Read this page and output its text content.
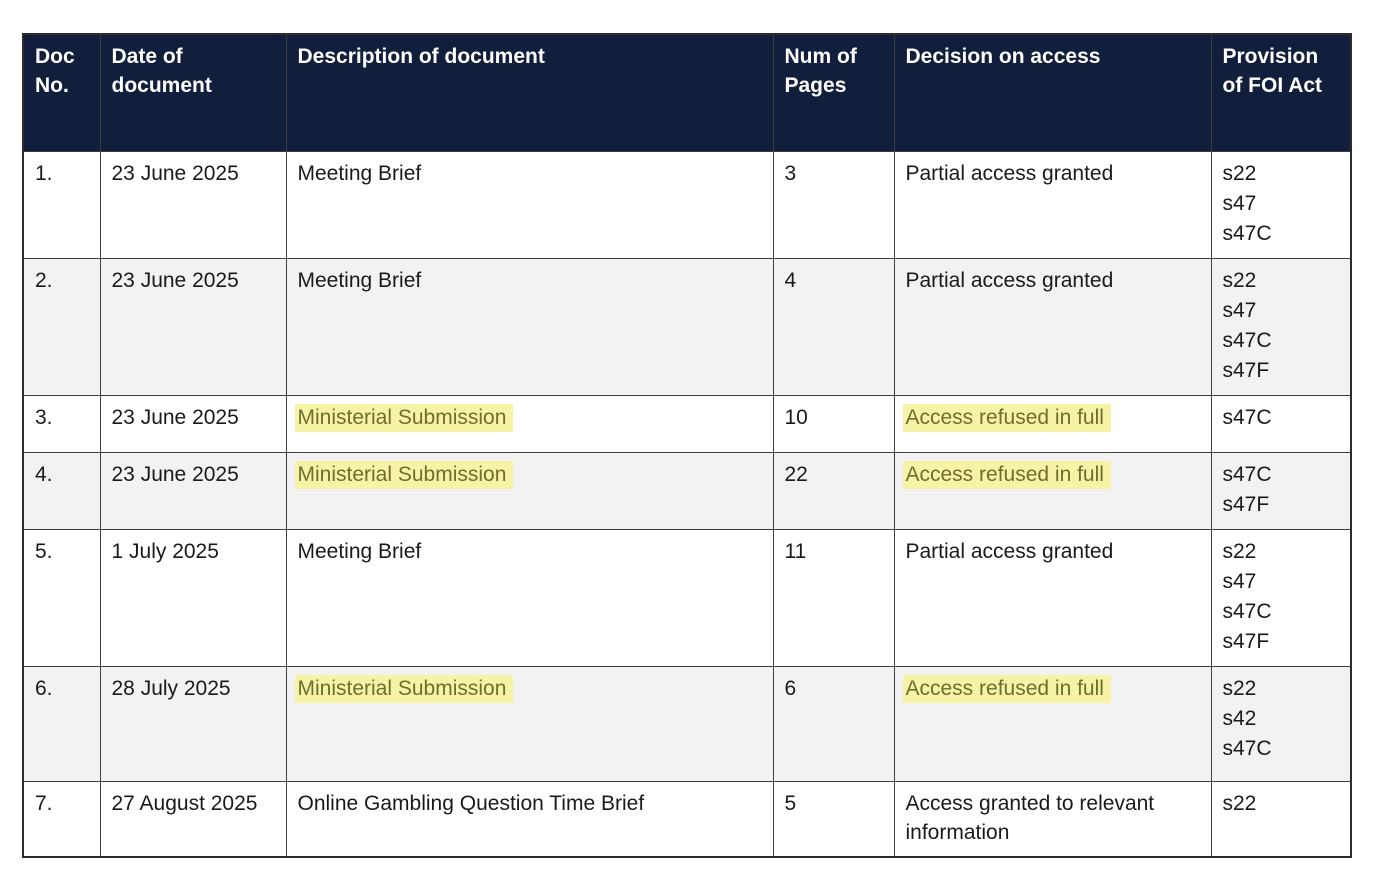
Doc No.	Date of document	Description of document	Num of Pages	Decision on access	Provision of FOI Act
1.	23 June 2025	Meeting Brief	3	Partial access granted	s22
s47
s47C

2.	23 June 2025	Meeting Brief	4	Partial access granted	s22
s47
s47C
s47F

3.	23 June 2025	Ministerial Submission	10	Access refused in full	s47C

4.	23 June 2025	Ministerial Submission	22	Access refused in full	s47C
s47F

5.	1 July 2025	Meeting Brief	11	Partial access granted	s22
s47
s47C
s47F

6.	28 July 2025	Ministerial Submission	6	Access refused in full	s22
s42
s47C

7.	27 August 2025	Online Gambling Question Time Brief	5	Access granted to relevant information	s22
